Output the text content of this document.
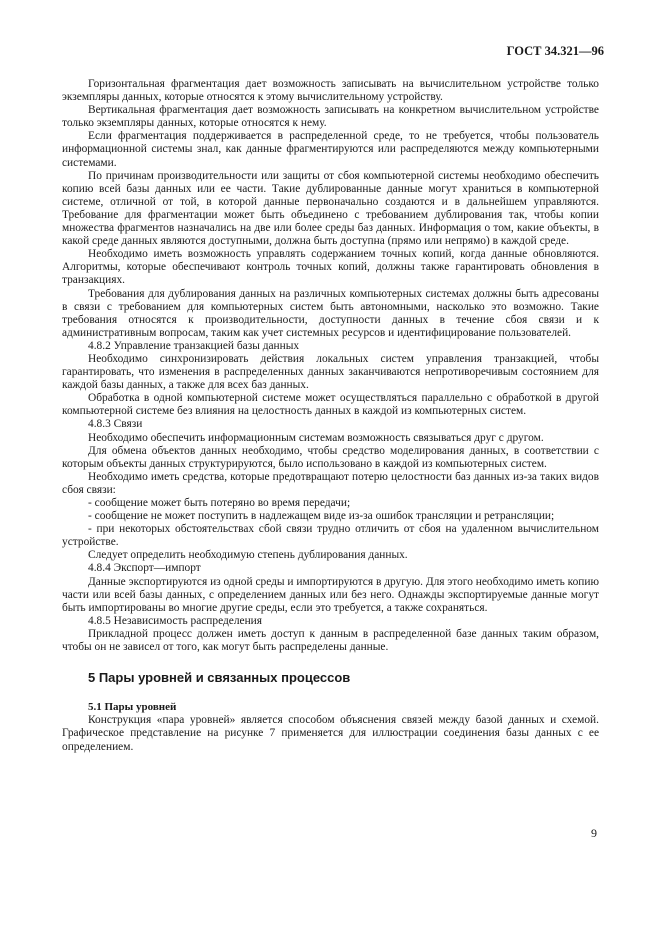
ГОСТ 34.321—96

Горизонтальная фрагментация дает возможность записывать на вычислительном устройстве только экземпляры данных, которые относятся к этому вычислительному устройству.

Вертикальная фрагментация дает возможность записывать на конкретном вычислительном устройстве только экземпляры данных, которые относятся к нему.

Если фрагментация поддерживается в распределенной среде, то не требуется, чтобы пользователь информационной системы знал, как данные фрагментируются или распределяются между компьютерными системами.

По причинам производительности или защиты от сбоя компьютерной системы необходимо обеспечить копию всей базы данных или ее части. Такие дублированные данные могут храниться в компьютерной системе, отличной от той, в которой данные первоначально создаются и в дальнейшем управляются. Требование для фрагментации может быть объединено с требованием дублирования так, чтобы копии множества фрагментов назначались на две или более среды баз данных. Информация о том, какие объекты, в какой среде данных являются доступными, должна быть доступна (прямо или непрямо) в каждой среде.

Необходимо иметь возможность управлять содержанием точных копий, когда данные обновляются. Алгоритмы, которые обеспечивают контроль точных копий, должны также гарантировать обновления в транзакциях.

Требования для дублирования данных на различных компьютерных системах должны быть адресованы в связи с требованием для компьютерных систем быть автономными, насколько это возможно. Такие требования относятся к производительности, доступности данных в течение сбоя связи и к административным вопросам, таким как учет системных ресурсов и идентифицирование пользователей.

4.8.2 Управление транзакцией базы данных

Необходимо синхронизировать действия локальных систем управления транзакцией, чтобы гарантировать, что изменения в распределенных данных заканчиваются непротиворечивым состоянием для каждой базы данных, а также для всех баз данных.

Обработка в одной компьютерной системе может осуществляться параллельно с обработкой в другой компьютерной системе без влияния на целостность данных в каждой из компьютерных систем.

4.8.3 Связи

Необходимо обеспечить информационным системам возможность связываться друг с другом.

Для обмена объектов данных необходимо, чтобы средство моделирования данных, в соответствии с которым объекты данных структурируются, было использовано в каждой из компьютерных систем.

Необходимо иметь средства, которые предотвращают потерю целостности баз данных из-за таких видов сбоя связи:

- сообщение может быть потеряно во время передачи;

- сообщение не может поступить в надлежащем виде из-за ошибок трансляции и ретрансляции;

- при некоторых обстоятельствах сбой связи трудно отличить от сбоя на удаленном вычислительном устройстве.

Следует определить необходимую степень дублирования данных.

4.8.4 Экспорт—импорт

Данные экспортируются из одной среды и импортируются в другую. Для этого необходимо иметь копию части или всей базы данных, с определением данных или без него. Однажды экспортируемые данные могут быть импортированы во многие другие среды, если это требуется, а также сохраняться.

4.8.5 Независимость распределения

Прикладной процесс должен иметь доступ к данным в распределенной базе данных таким образом, чтобы он не зависел от того, как могут быть распределены данные.

5 Пары уровней и связанных процессов

5.1 Пары уровней

Конструкция «пара уровней» является способом объяснения связей между базой данных и схемой. Графическое представление на рисунке 7 применяется для иллюстрации соединения базы данных с ее определением.

9
